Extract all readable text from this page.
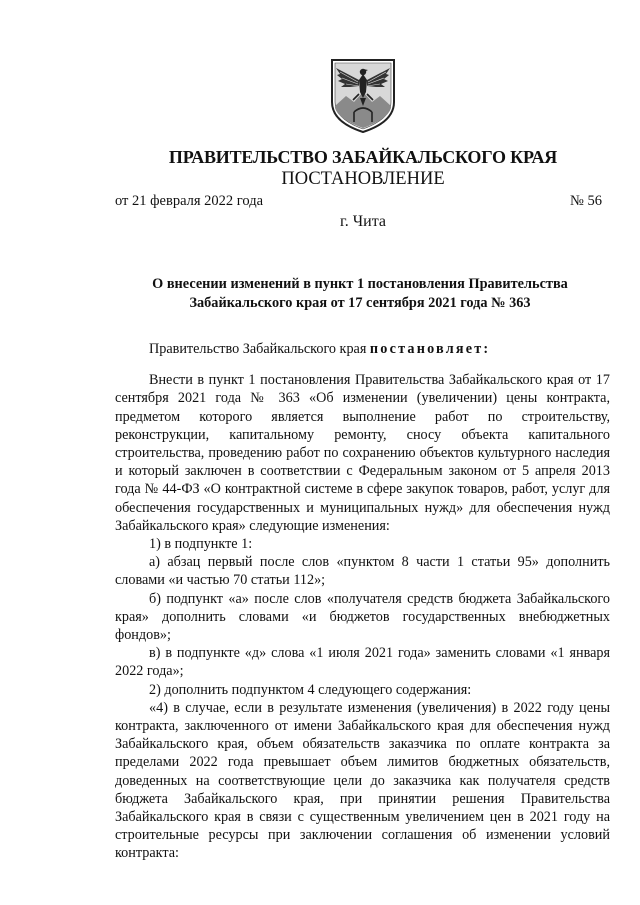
ПРАВИТЕЛЬСТВО ЗАБАЙКАЛЬСКОГО КРАЯ
ПОСТАНОВЛЕНИЕ
от 21 февраля 2022 года	№ 56
г. Чита
О внесении изменений в пункт 1 постановления Правительства
Забайкальского края от 17 сентября 2021 года № 363

Правительство Забайкальского края постановляет:

Внести в пункт 1 постановления Правительства Забайкальского края от 17 сентября 2021 года № 363 «Об изменении (увеличении) цены контракта, предметом которого является выполнение работ по строительству, реконструкции, капитальному ремонту, сносу объекта капитального строительства, проведению работ по сохранению объектов культурного наследия и который заключен в соответствии с Федеральным законом от 5 апреля 2013 года № 44-ФЗ «О контрактной системе в сфере закупок товаров, работ, услуг для обеспечения государственных и муниципальных нужд» для обеспечения нужд Забайкальского края» следующие изменения:

1) в подпункте 1:

а) абзац первый после слов «пунктом 8 части 1 статьи 95» дополнить словами «и частью 70 статьи 112»;

б) подпункт «а» после слов «получателя средств бюджета Забайкальского края» дополнить словами «и бюджетов государственных внебюджетных фондов»;

в) в подпункте «д» слова «1 июля 2021 года» заменить словами «1 января 2022 года»;

2) дополнить подпунктом 4 следующего содержания:

«4) в случае, если в результате изменения (увеличения) в 2022 году цены контракта, заключенного от имени Забайкальского края для обеспечения нужд Забайкальского края, объем обязательств заказчика по оплате контракта за пределами 2022 года превышает объем лимитов бюджетных обязательств, доведенных на соответствующие цели до заказчика как получателя средств бюджета Забайкальского края, при принятии решения Правительства Забайкальского края в связи с существенным увеличением цен в 2021 году на строительные ресурсы при заключении соглашения об изменении условий контракта:
